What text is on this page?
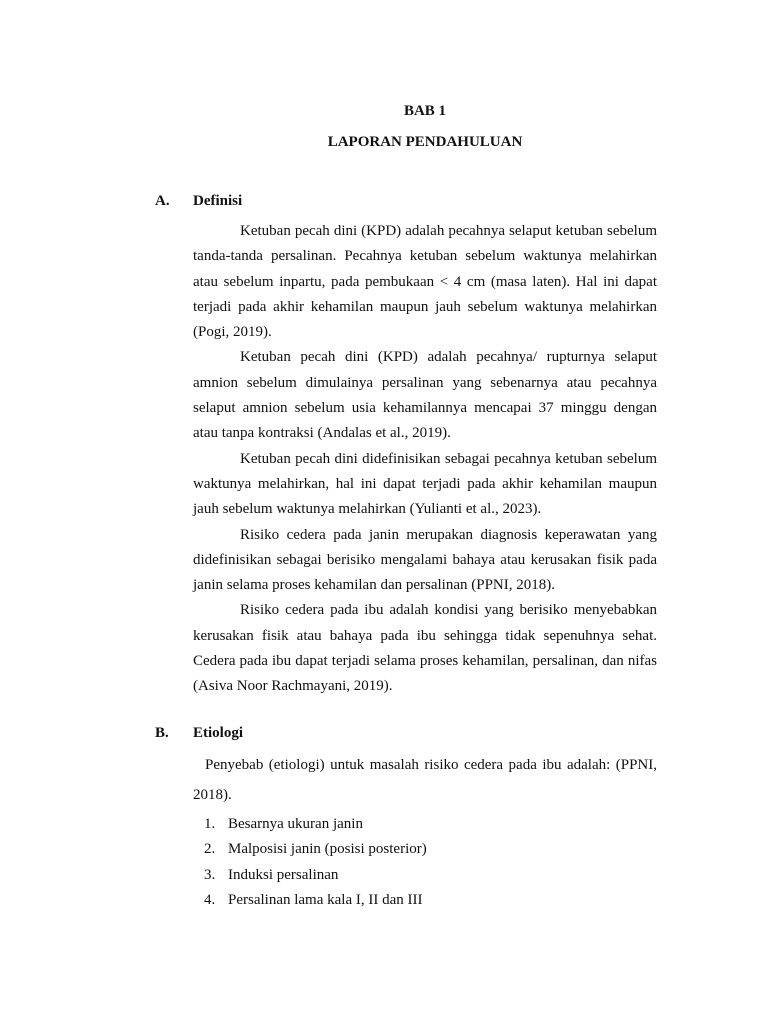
BAB 1
LAPORAN PENDAHULUAN
A. Definisi

Ketuban pecah dini (KPD) adalah pecahnya selaput ketuban sebelum tanda-tanda persalinan. Pecahnya ketuban sebelum waktunya melahirkan atau sebelum inpartu, pada pembukaan < 4 cm (masa laten). Hal ini dapat terjadi pada akhir kehamilan maupun jauh sebelum waktunya melahirkan (Pogi, 2019).

Ketuban pecah dini (KPD) adalah pecahnya/ rupturnya selaput amnion sebelum dimulainya persalinan yang sebenarnya atau pecahnya selaput amnion sebelum usia kehamilannya mencapai 37 minggu dengan atau tanpa kontraksi (Andalas et al., 2019).

Ketuban pecah dini didefinisikan sebagai pecahnya ketuban sebelum waktunya melahirkan, hal ini dapat terjadi pada akhir kehamilan maupun jauh sebelum waktunya melahirkan (Yulianti et al., 2023).

Risiko cedera pada janin merupakan diagnosis keperawatan yang didefinisikan sebagai berisiko mengalami bahaya atau kerusakan fisik pada janin selama proses kehamilan dan persalinan (PPNI, 2018).

Risiko cedera pada ibu adalah kondisi yang berisiko menyebabkan kerusakan fisik atau bahaya pada ibu sehingga tidak sepenuhnya sehat. Cedera pada ibu dapat terjadi selama proses kehamilan, persalinan, dan nifas (Asiva Noor Rachmayani, 2019).

B. Etiologi

Penyebab (etiologi) untuk masalah risiko cedera pada ibu adalah: (PPNI, 2018).

1. Besarnya ukuran janin
2. Malposisi janin (posisi posterior)
3. Induksi persalinan
4. Persalinan lama kala I, II dan III
